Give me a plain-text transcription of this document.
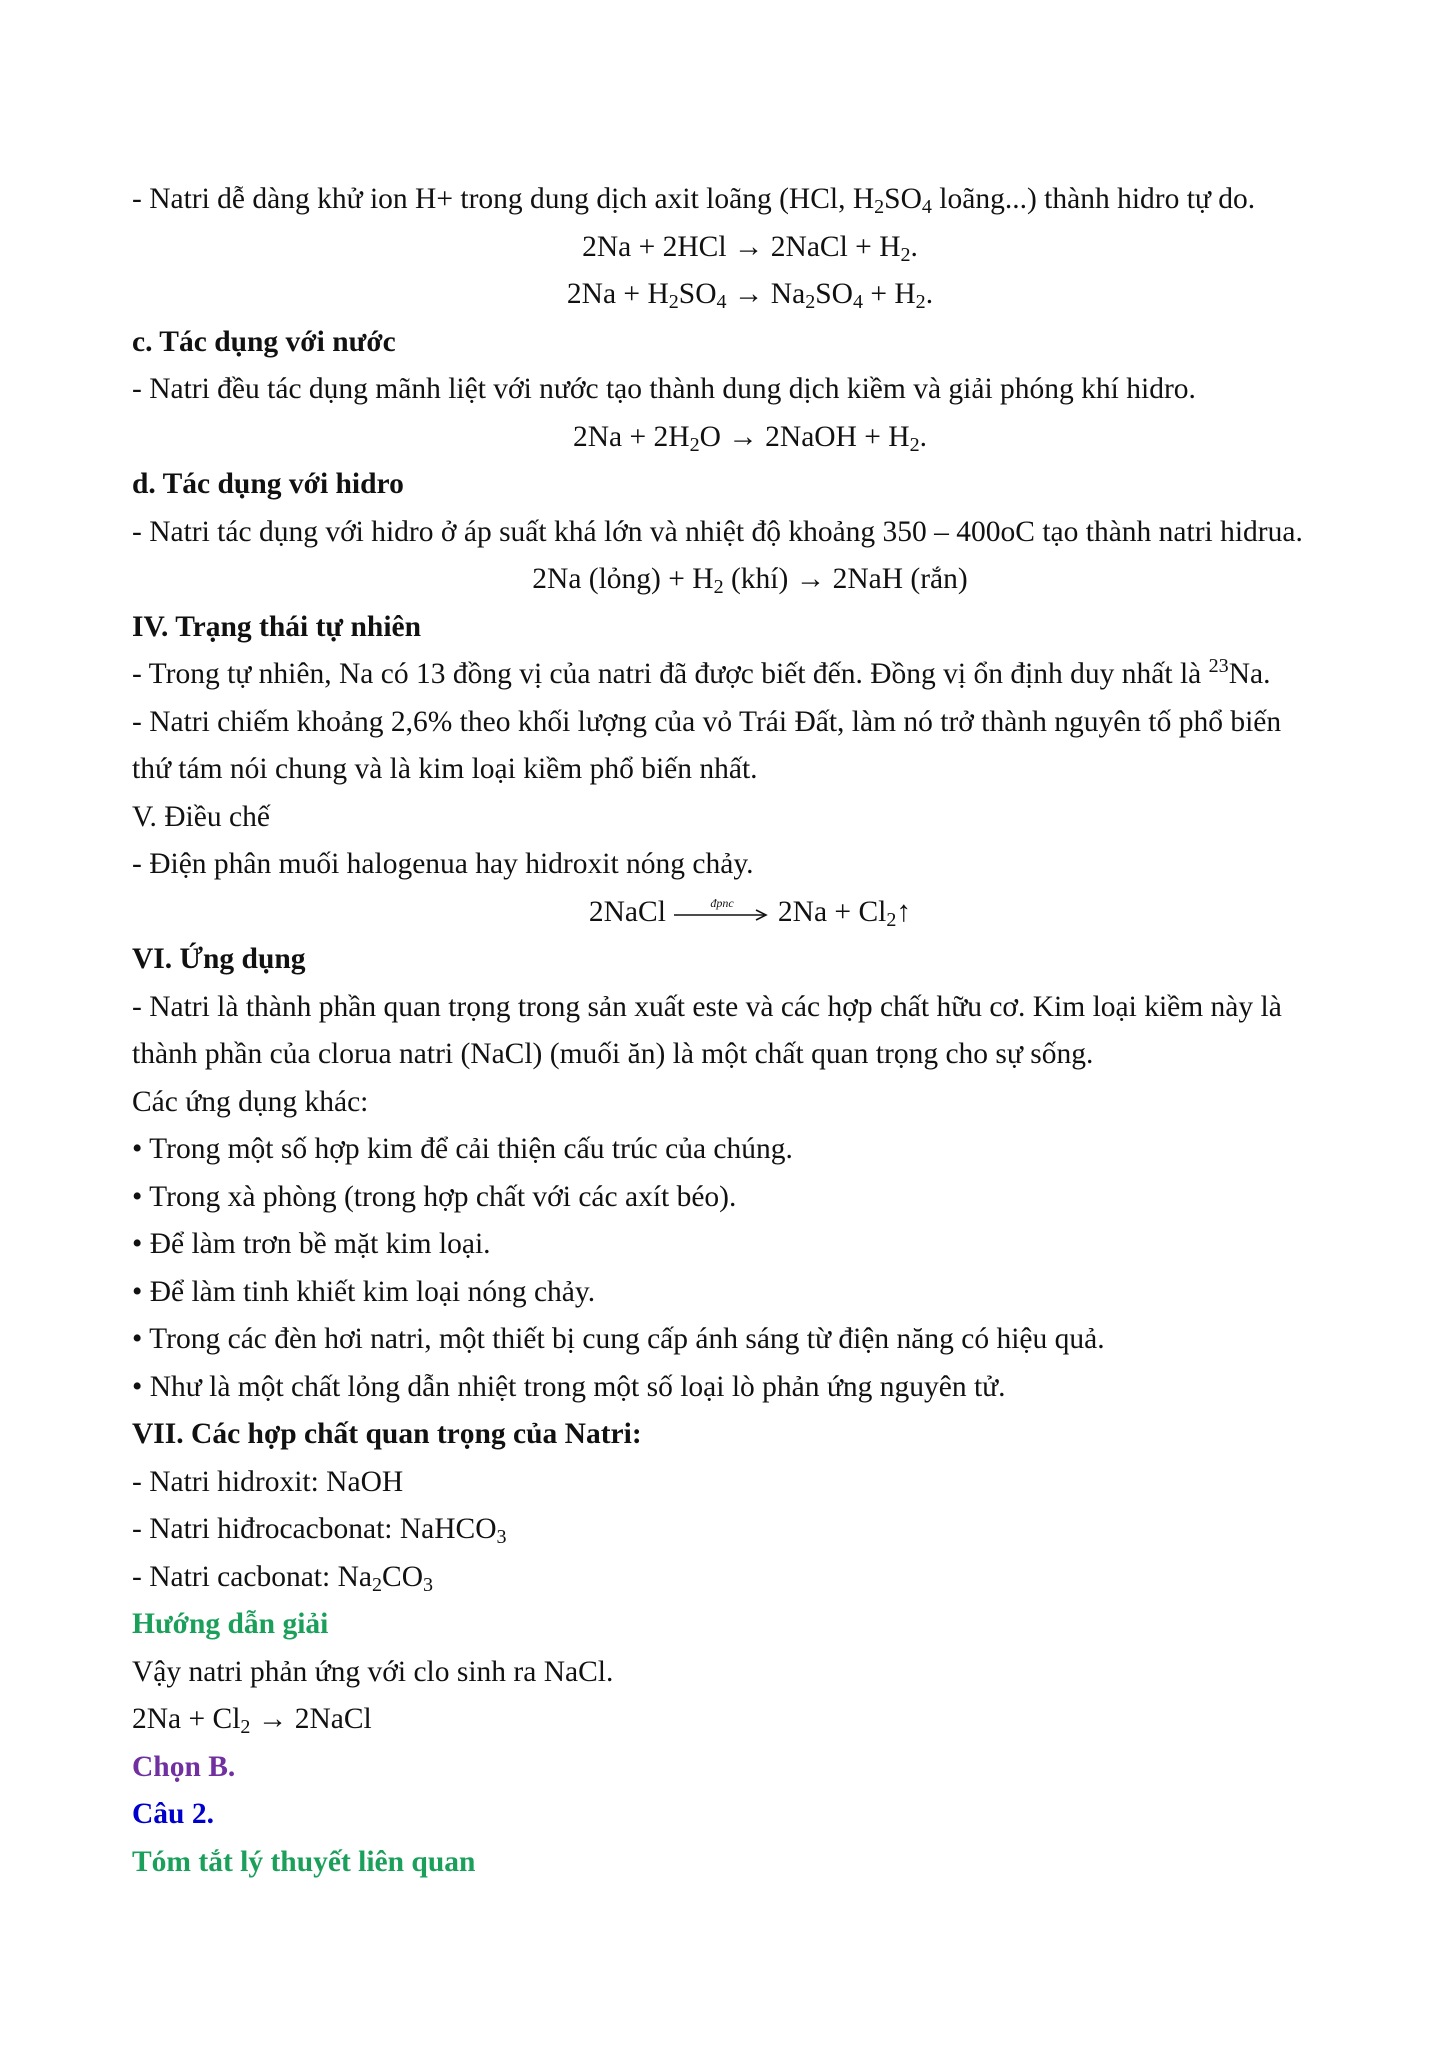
- Natri dễ dàng khử ion H+ trong dung dịch axit loãng (HCl, $H_2SO_4$ loãng...) thành hidro tự do.
2Na + 2HCl → 2NaCl + $H_2$.
$2Na + H_2SO_4 \to Na_2SO_4 + H_2$.
c. Tác dụng với nước
- Natri đều tác dụng mãnh liệt với nước tạo thành dung dịch kiềm và giải phóng khí hidro.
$2Na + 2H_2O$ → 2NaOH + $H_2$.
d. Tác dụng với hidro
- Natri tác dụng với hidro ở áp suất khá lớn và nhiệt độ khoảng 350 – 400oC tạo thành natri hidrua.
2Na (lỏng) + $H_2$ (khí) → 2NaH (rắn)
IV. Trạng thái tự nhiên
- Trong tự nhiên, Na có 13 đồng vị của natri đã được biết đến. Đồng vị ổn định duy nhất là $^{23}$Na.
- Natri chiếm khoảng 2,6% theo khối lượng của vỏ Trái Đất, làm nó trở thành nguyên tố phổ biến
thứ tám nói chung và là kim loại kiềm phổ biến nhất.
V. Điều chế
- Điện phân muối halogenua hay hidroxit nóng chảy.
2NaCl	đpnc $2Na + Cl_2↑$
VI. Ứng dụng
- Natri là thành phần quan trọng trong sản xuất este và các hợp chất hữu cơ. Kim loại kiềm này là
thành phần của clorua natri (NaCl) (muối ăn) là một chất quan trọng cho sự sống.
Các ứng dụng khác:
• Trong một số hợp kim để cải thiện cấu trúc của chúng.
• Trong xà phòng (trong hợp chất với các axít béo).
• Để làm trơn bề mặt kim loại.
• Để làm tinh khiết kim loại nóng chảy.
• Trong các đèn hơi natri, một thiết bị cung cấp ánh sáng từ điện năng có hiệu quả.
• Như là một chất lỏng dẫn nhiệt trong một số loại lò phản ứng nguyên tử.
VII. Các hợp chất quan trọng của Natri:
- Natri hidroxit: NaOH
- Natri hiđrocacbonat: NaHCO$_3$
- Natri cacbonat: $Na_2CO_3$
Hướng dẫn giải
Vậy natri phản ứng với clo sinh ra NaCl.
$2Na + Cl_2$ → 2NaCl
Chọn B.
Câu 2.
Tóm tắt lý thuyết liên quan
